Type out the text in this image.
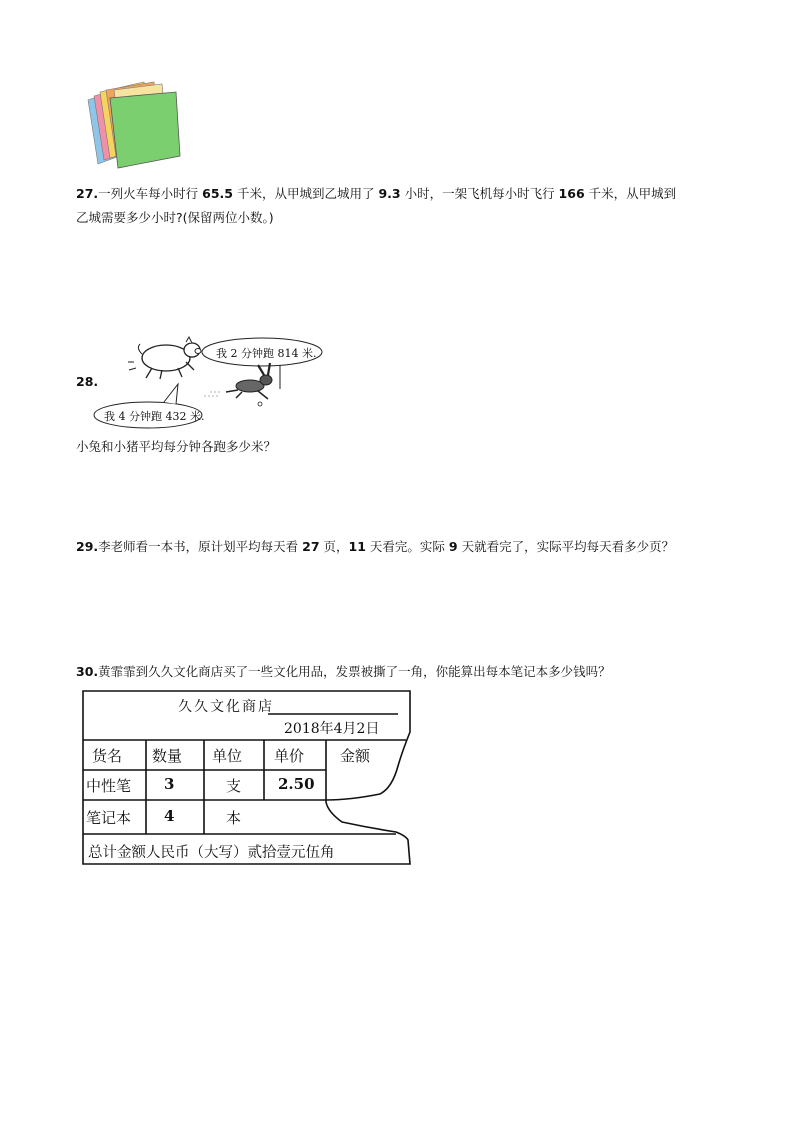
27.一列火车每小时行 65.5 千米，从甲城到乙城用了 9.3 小时，一架飞机每小时飞行 166 千米，从甲城到
乙城需要多少小时?(保留两位小数。)
28.
我 2 分钟跑 814 米.
我 4 分钟跑 432 米.
小兔和小猪平均每分钟各跑多少米？
29.李老师看一本书，原计划平均每天看 27 页，11 天看完。实际 9 天就看完了，实际平均每天看多少页？
30.黄霏霏到久久文化商店买了一些文化用品，发票被撕了一角，你能算出每本笔记本多少钱吗？
久久文化商店
2018年4月2日
货名 数量 单位 单价 金额
中性笔 3	支 2.50
笔记本 4	本
总计金额人民币（大写）贰拾壹元伍角
